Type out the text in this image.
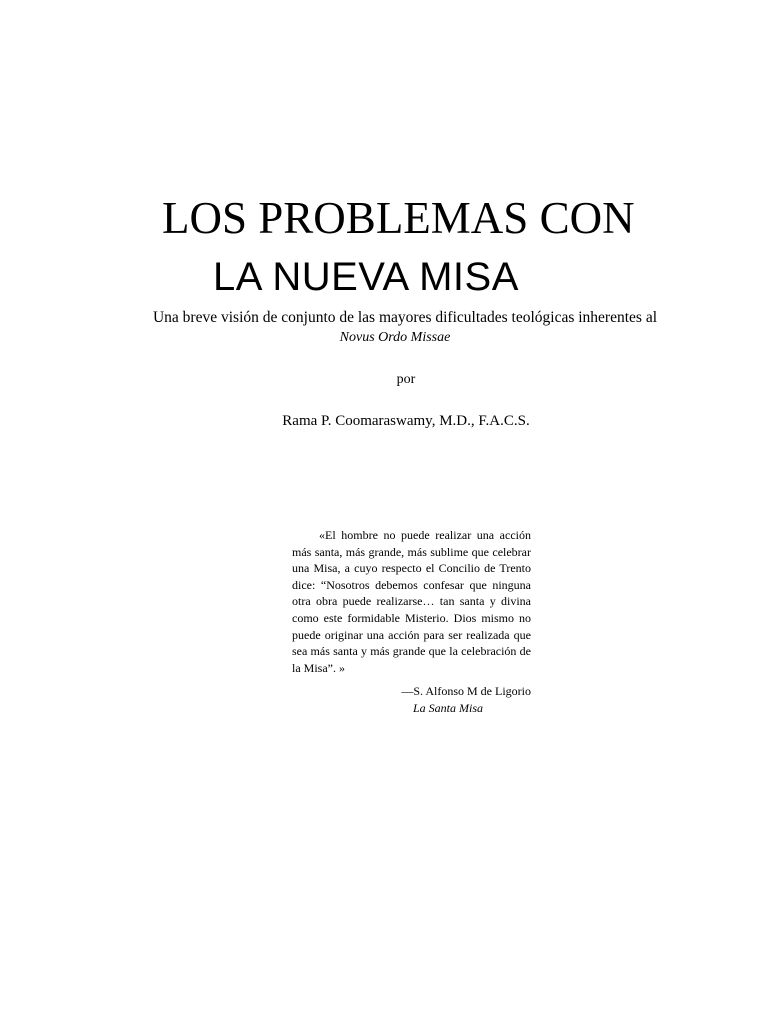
LOS PROBLEMAS CON
LA NUEVA MISA
Una breve visión de conjunto de las mayores dificultades teológicas inherentes al
Novus Ordo Missae
por
Rama P. Coomaraswamy, M.D., F.A.C.S.

«El hombre no puede realizar una acción más santa, más grande, más sublime que celebrar una Misa, a cuyo respecto el Concilio de Trento dice: “Nosotros debemos confesar que ninguna otra obra puede realizarse… tan santa y divina como este formidable Misterio. Dios mismo no puede originar una acción para ser realizada que sea más santa y más grande que la celebración de la Misa”. »

—S. Alfonso M de Ligorio
La Santa Misa
